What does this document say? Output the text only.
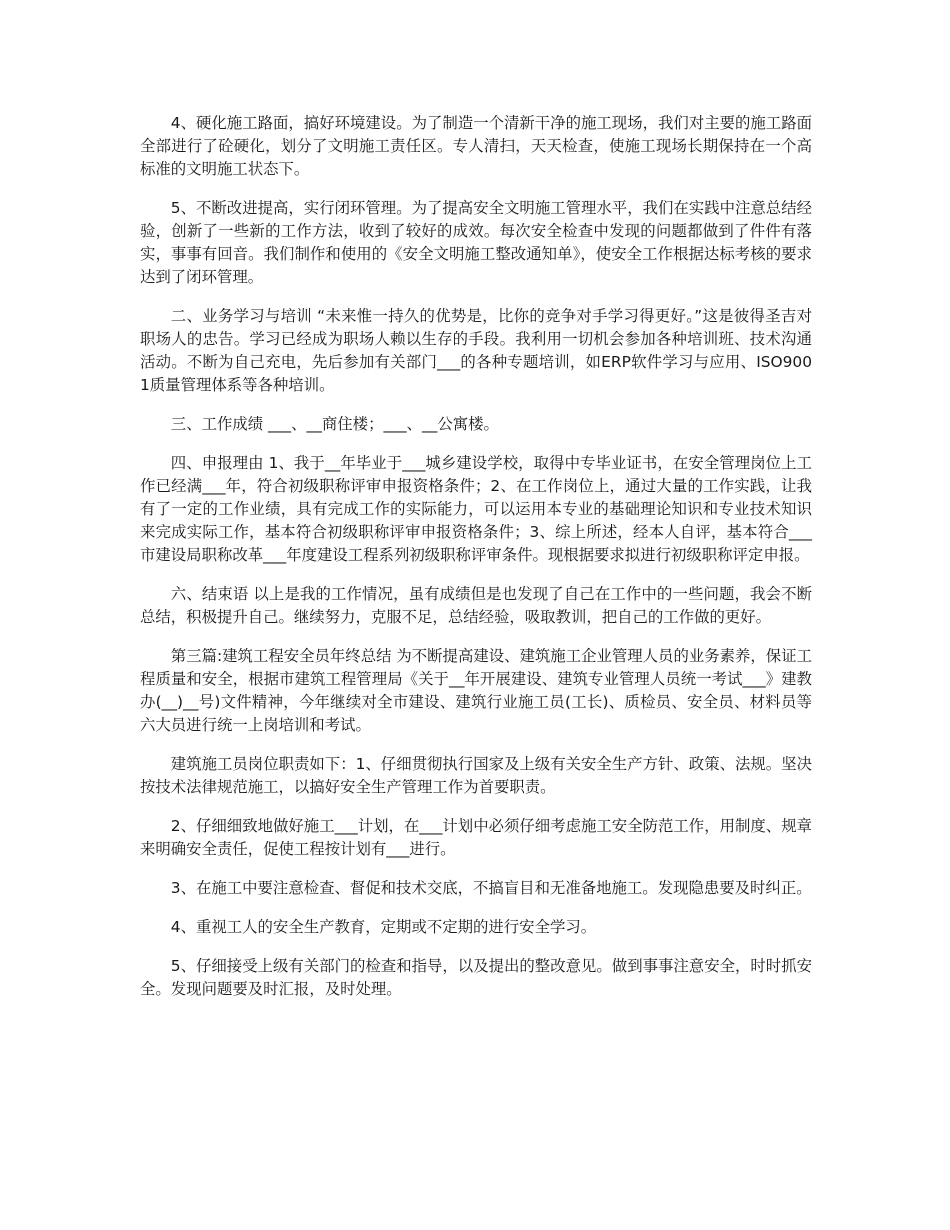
4、硬化施工路面，搞好环境建设。为了制造一个清新干净的施工现场，我们对主要的施工路面全部进行了砼硬化，划分了文明施工责任区。专人清扫，天天检查，使施工现场长期保持在一个高标准的文明施工状态下。

5、不断改进提高，实行闭环管理。为了提高安全文明施工管理水平，我们在实践中注意总结经验，创新了一些新的工作方法，收到了较好的成效。每次安全检查中发现的问题都做到了件件有落实，事事有回音。我们制作和使用的《安全文明施工整改通知单》，使安全工作根据达标考核的要求达到了闭环管理。

二、业务学习与培训 “未来惟一持久的优势是，比你的竞争对手学习得更好。”这是彼得圣吉对职场人的忠告。学习已经成为职场人赖以生存的手段。我利用一切机会参加各种培训班、技术沟通活动。不断为自己充电，先后参加有关部门___的各种专题培训，如ERP软件学习与应用、ISO9001质量管理体系等各种培训。

三、工作成绩 ___、__商住楼；___、__公寓楼。

四、申报理由 1、我于__年毕业于___城乡建设学校，取得中专毕业证书，在安全管理岗位上工作已经满___年，符合初级职称评审申报资格条件；2、在工作岗位上，通过大量的工作实践，让我有了一定的工作业绩，具有完成工作的实际能力，可以运用本专业的基础理论知识和专业技术知识来完成实际工作，基本符合初级职称评审申报资格条件；3、综上所述，经本人自评，基本符合___市建设局职称改革___年度建设工程系列初级职称评审条件。现根据要求拟进行初级职称评定申报。

六、结束语 以上是我的工作情况，虽有成绩但是也发现了自己在工作中的一些问题，我会不断总结，积极提升自己。继续努力，克服不足，总结经验，吸取教训，把自己的工作做的更好。

第三篇:建筑工程安全员年终总结 为不断提高建设、建筑施工企业管理人员的业务素养，保证工程质量和安全，根据市建筑工程管理局《关于__年开展建设、建筑专业管理人员统一考试___》建教办(__)__号)文件精神，今年继续对全市建设、建筑行业施工员(工长)、质检员、安全员、材料员等六大员进行统一上岗培训和考试。

建筑施工员岗位职责如下：1、仔细贯彻执行国家及上级有关安全生产方针、政策、法规。坚决按技术法律规范施工，以搞好安全生产管理工作为首要职责。

2、仔细细致地做好施工___计划，在___计划中必须仔细考虑施工安全防范工作，用制度、规章来明确安全责任，促使工程按计划有___进行。

3、在施工中要注意检查、督促和技术交底，不搞盲目和无准备地施工。发现隐患要及时纠正。

4、重视工人的安全生产教育，定期或不定期的进行安全学习。

5、仔细接受上级有关部门的检查和指导，以及提出的整改意见。做到事事注意安全，时时抓安全。发现问题要及时汇报，及时处理。
